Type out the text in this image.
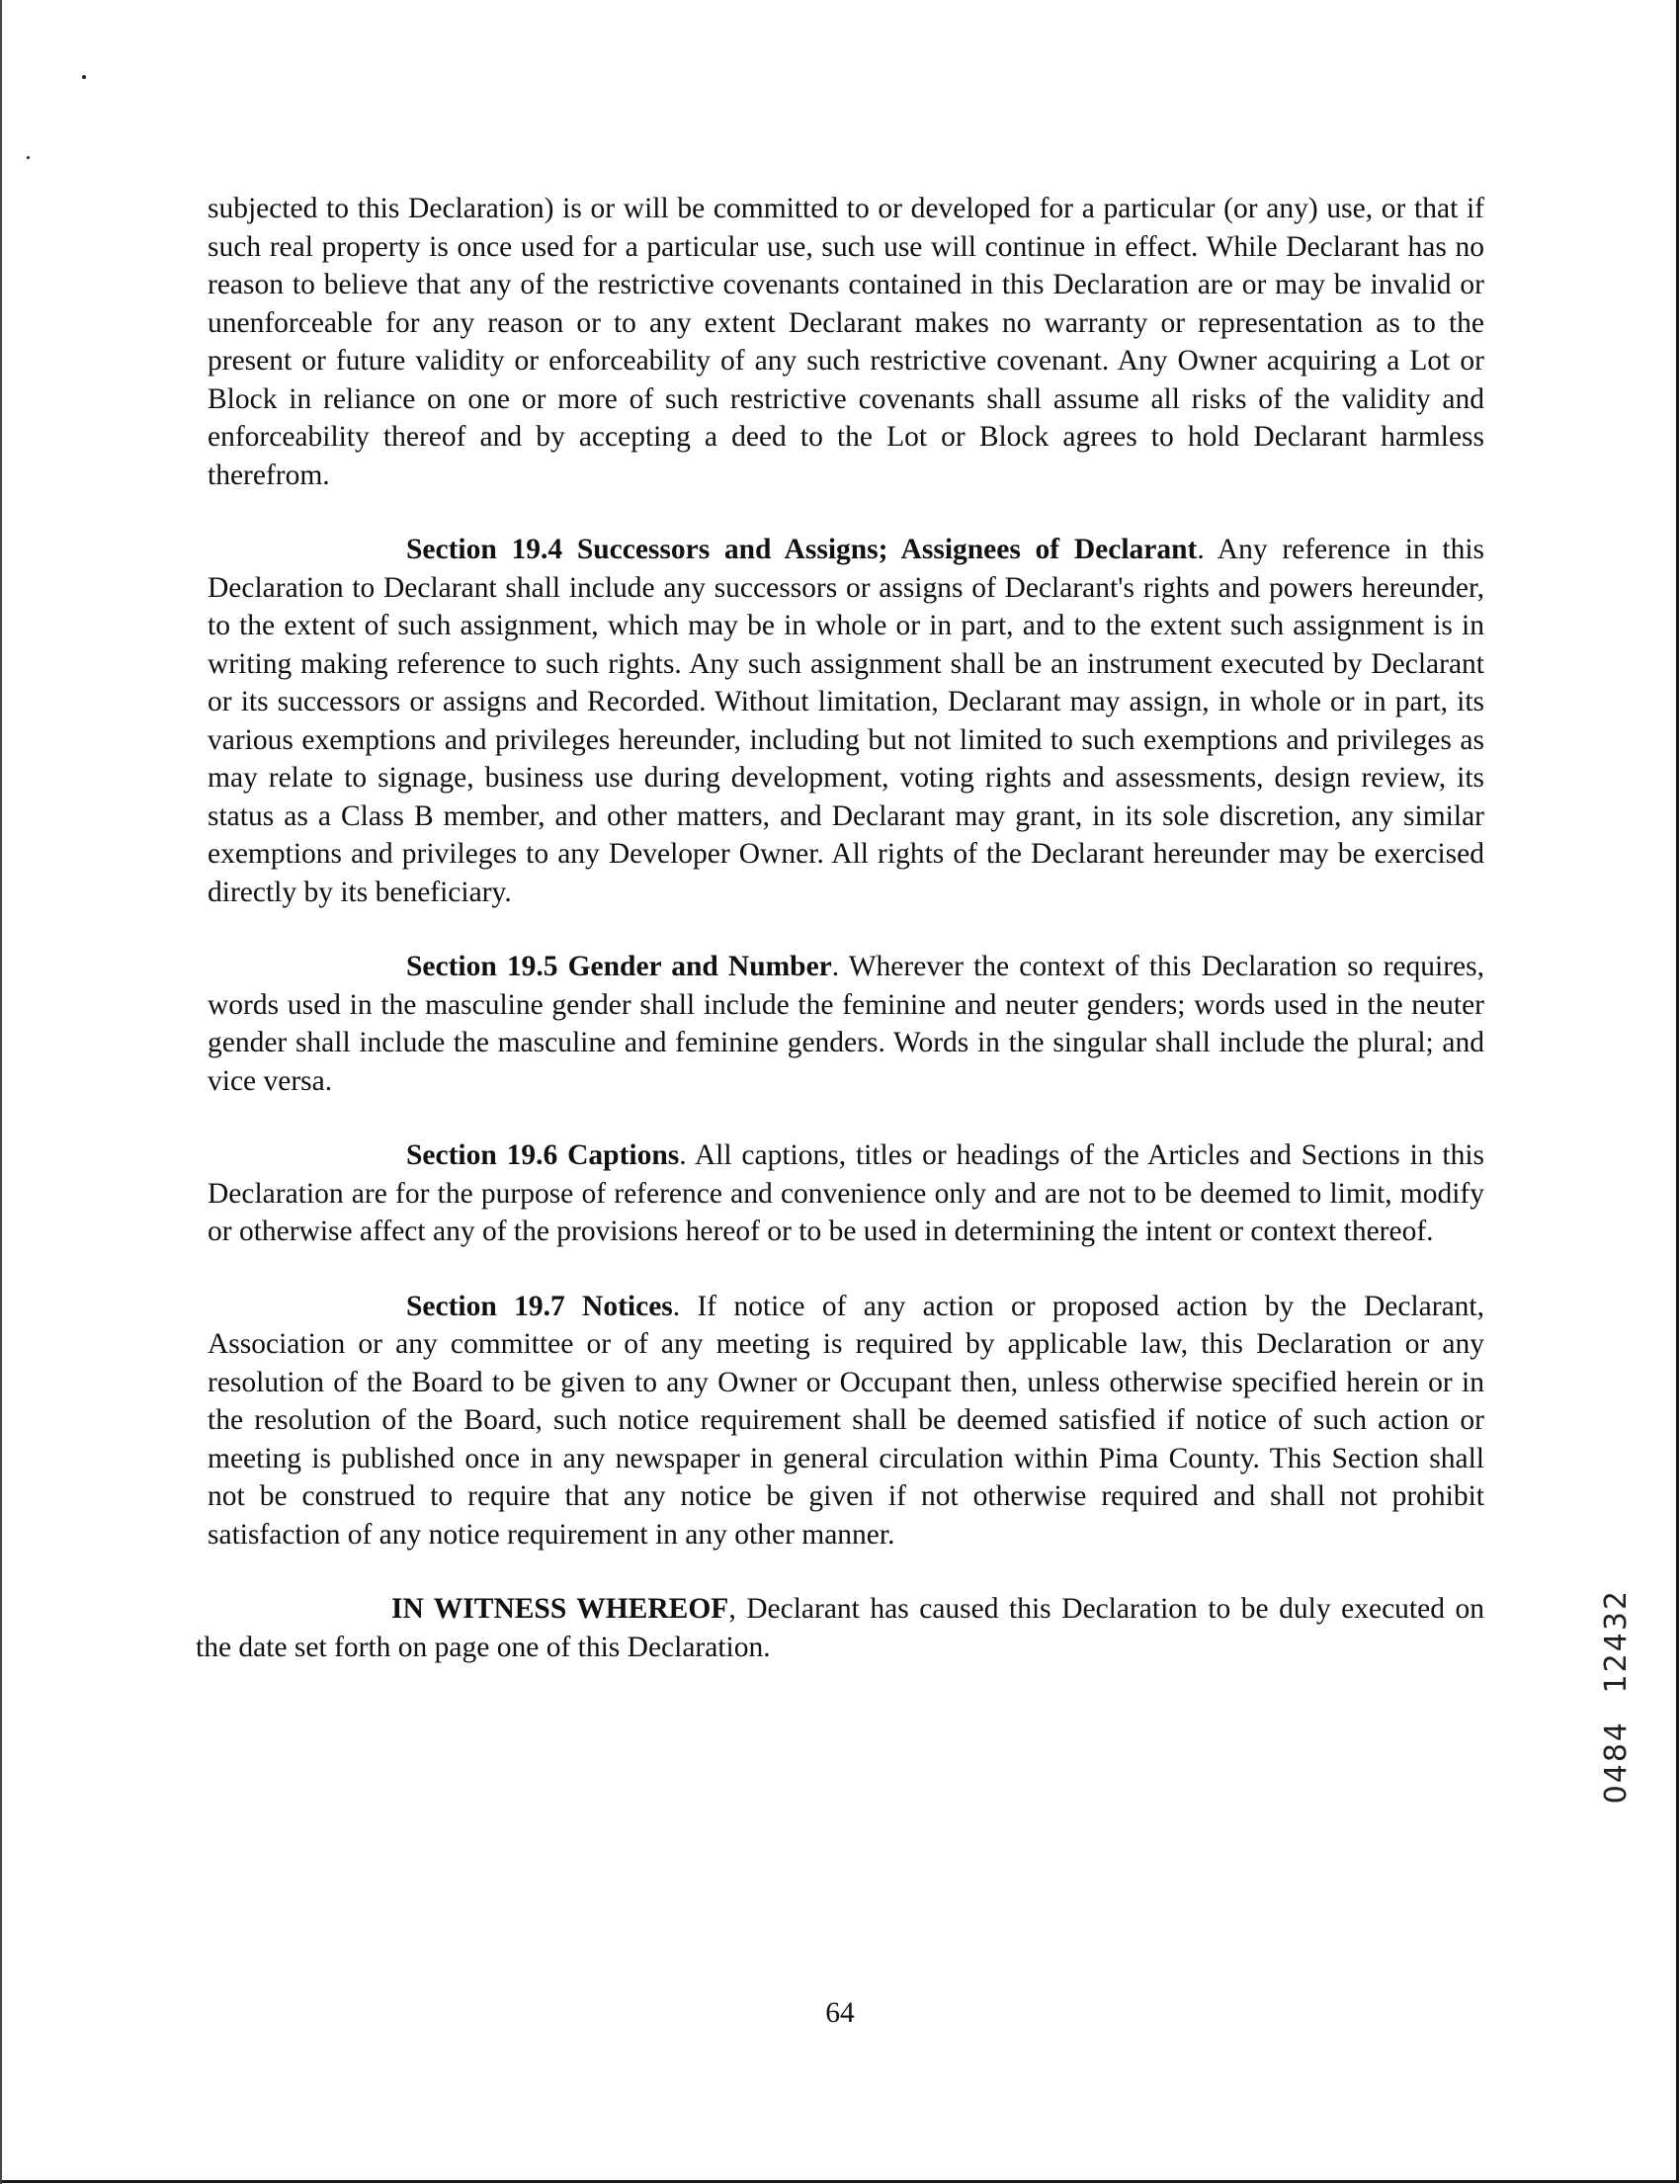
subjected to this Declaration) is or will be committed to or developed for a particular (or any) use, or that if such real property is once used for a particular use, such use will continue in effect. While Declarant has no reason to believe that any of the restrictive covenants contained in this Declaration are or may be invalid or unenforceable for any reason or to any extent Declarant makes no warranty or representation as to the present or future validity or enforceability of any such restrictive covenant. Any Owner acquiring a Lot or Block in reliance on one or more of such restrictive covenants shall assume all risks of the validity and enforceability thereof and by accepting a deed to the Lot or Block agrees to hold Declarant harmless therefrom.

Section 19.4 Successors and Assigns; Assignees of Declarant. Any reference in this Declaration to Declarant shall include any successors or assigns of Declarant's rights and powers hereunder, to the extent of such assignment, which may be in whole or in part, and to the extent such assignment is in writing making reference to such rights. Any such assignment shall be an instrument executed by Declarant or its successors or assigns and Recorded. Without limitation, Declarant may assign, in whole or in part, its various exemptions and privileges hereunder, including but not limited to such exemptions and privileges as may relate to signage, business use during development, voting rights and assessments, design review, its status as a Class B member, and other matters, and Declarant may grant, in its sole discretion, any similar exemptions and privileges to any Developer Owner. All rights of the Declarant hereunder may be exercised directly by its beneficiary.

Section 19.5 Gender and Number. Wherever the context of this Declaration so requires, words used in the masculine gender shall include the feminine and neuter genders; words used in the neuter gender shall include the masculine and feminine genders. Words in the singular shall include the plural; and vice versa.

Section 19.6 Captions. All captions, titles or headings of the Articles and Sections in this Declaration are for the purpose of reference and convenience only and are not to be deemed to limit, modify or otherwise affect any of the provisions hereof or to be used in determining the intent or context thereof.

Section 19.7 Notices. If notice of any action or proposed action by the Declarant, Association or any committee or of any meeting is required by applicable law, this Declaration or any resolution of the Board to be given to any Owner or Occupant then, unless otherwise specified herein or in the resolution of the Board, such notice requirement shall be deemed satisfied if notice of such action or meeting is published once in any newspaper in general circulation within Pima County. This Section shall not be construed to require that any notice be given if not otherwise required and shall not prohibit satisfaction of any notice requirement in any other manner.

IN WITNESS WHEREOF, Declarant has caused this Declaration to be duly executed on the date set forth on page one of this Declaration.

64
12432
0484
